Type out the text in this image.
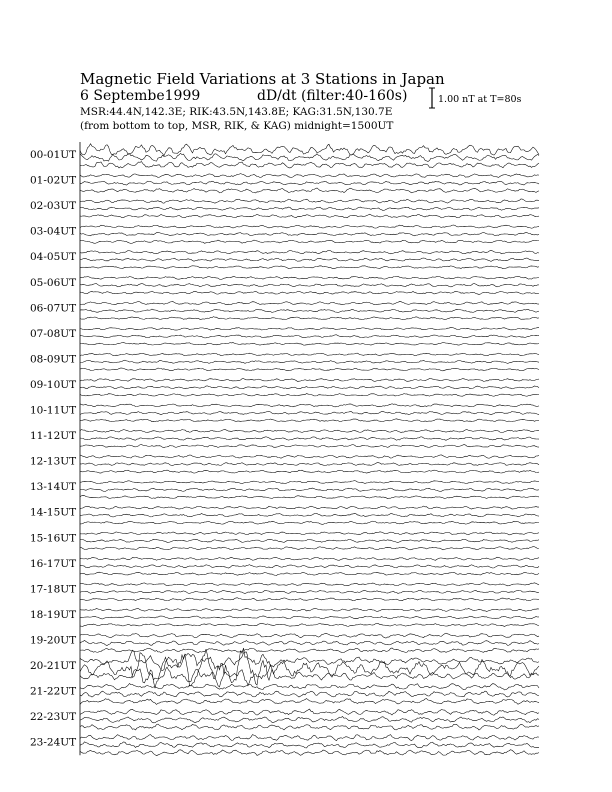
Magnetic Field Variations at 3 Stations in Japan
6 Septembe1999	dD/dt (filter:40-160s)
MSR:44.4N,142.3E; RIK:43.5N,143.8E; KAG:31.5N,130.7E
(from bottom to top, MSR, RIK, & KAG) midnight=1500UT
1.00 nT at T=80s
00-01UT
01-02UT
02-03UT
03-04UT
04-05UT
05-06UT
06-07UT
07-08UT
08-09UT
09-10UT
10-11UT
11-12UT
12-13UT
13-14UT
14-15UT
15-16UT
16-17UT
17-18UT
18-19UT
19-20UT
20-21UT
21-22UT
22-23UT
23-24UT
